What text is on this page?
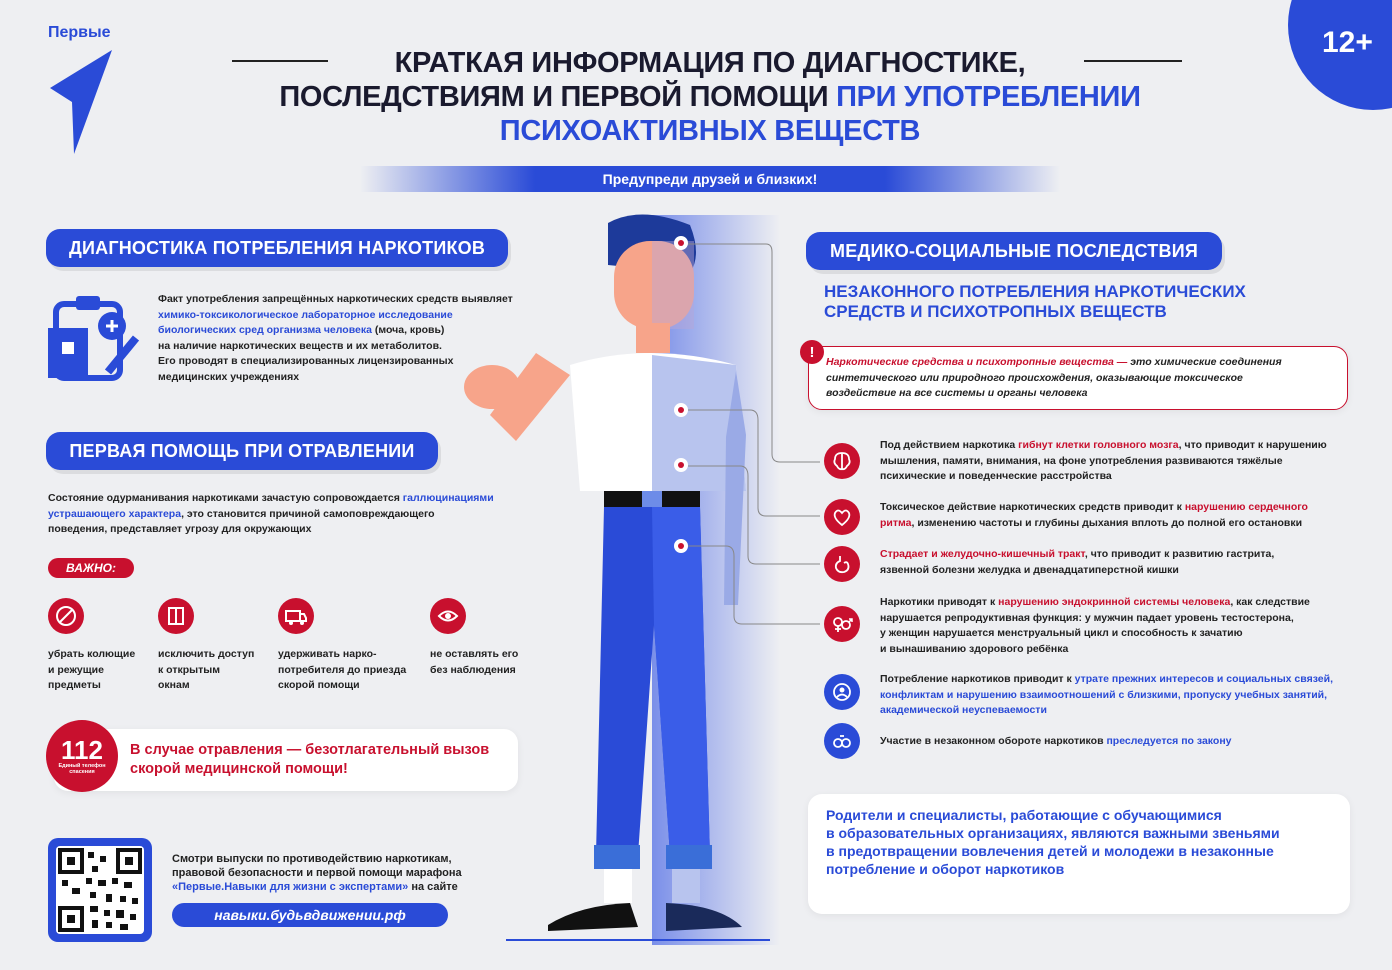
12+
Первые
КРАТКАЯ ИНФОРМАЦИЯ ПО ДИАГНОСТИКЕ,
ПОСЛЕДСТВИЯМ И ПЕРВОЙ ПОМОЩИ ПРИ УПОТРЕБЛЕНИИ
ПСИХОАКТИВНЫХ ВЕЩЕСТВ
Предупреди друзей и близких!
ДИАГНОСТИКА ПОТРЕБЛЕНИЯ НАРКОТИКОВ
Факт употребления запрещённых наркотических средств выявляет
химико-токсикологическое лабораторное исследование
биологических сред организма человека (моча, кровь)
на наличие наркотических веществ и их метаболитов.
Его проводят в специализированных лицензированных
медицинских учреждениях
ПЕРВАЯ ПОМОЩЬ ПРИ ОТРАВЛЕНИИ
Состояние одурманивания наркотиками зачастую сопровождается галлюцинациями
устрашающего характера, это становится причиной самоповреждающего
поведения, представляет угрозу для окружающих
ВАЖНО:
убрать колющие
и режущие
предметы
исключить доступ
к открытым
окнам
удерживать нарко-
потребителя до приезда
скорой помощи
не оставлять его
без наблюдения
112
Единый телефон
спасения
В случае отравления — безотлагательный вызов
скорой медицинской помощи!
Смотри выпуски по противодействию наркотикам,
правовой безопасности и первой помощи марафона
«Первые.Навыки для жизни с экспертами» на сайте
навыки.будьвдвижении.рф
МЕДИКО-СОЦИАЛЬНЫЕ ПОСЛЕДСТВИЯ
НЕЗАКОННОГО ПОТРЕБЛЕНИЯ НАРКОТИЧЕСКИХ
СРЕДСТВ И ПСИХОТРОПНЫХ ВЕЩЕСТВ
!
Наркотические средства и психотропные вещества — это химические соединения
синтетического или природного происхождения, оказывающие токсическое
воздействие на все системы и органы человека
Под действием наркотика гибнут клетки головного мозга, что приводит к нарушению
мышления, памяти, внимания, на фоне употребления развиваются тяжёлые
психические и поведенческие расстройства
Токсическое действие наркотических средств приводит к нарушению сердечного
ритма, изменению частоты и глубины дыхания вплоть до полной его остановки
Страдает и желудочно-кишечный тракт, что приводит к развитию гастрита,
язвенной болезни желудка и двенадцатиперстной кишки
Наркотики приводят к нарушению эндокринной системы человека, как следствие
нарушается репродуктивная функция: у мужчин падает уровень тестостерона,
у женщин нарушается менструальный цикл и способность к зачатию
и вынашиванию здорового ребёнка
Потребление наркотиков приводит к утрате прежних интересов и социальных связей,
конфликтам и нарушению взаимоотношений с близкими, пропуску учебных занятий,
академической неуспеваемости
Участие в незаконном обороте наркотиков преследуется по закону
Родители и специалисты, работающие с обучающимися
в образовательных организациях, являются важными звеньями
в предотвращении вовлечения детей и молодежи в незаконные
потребление и оборот наркотиков
